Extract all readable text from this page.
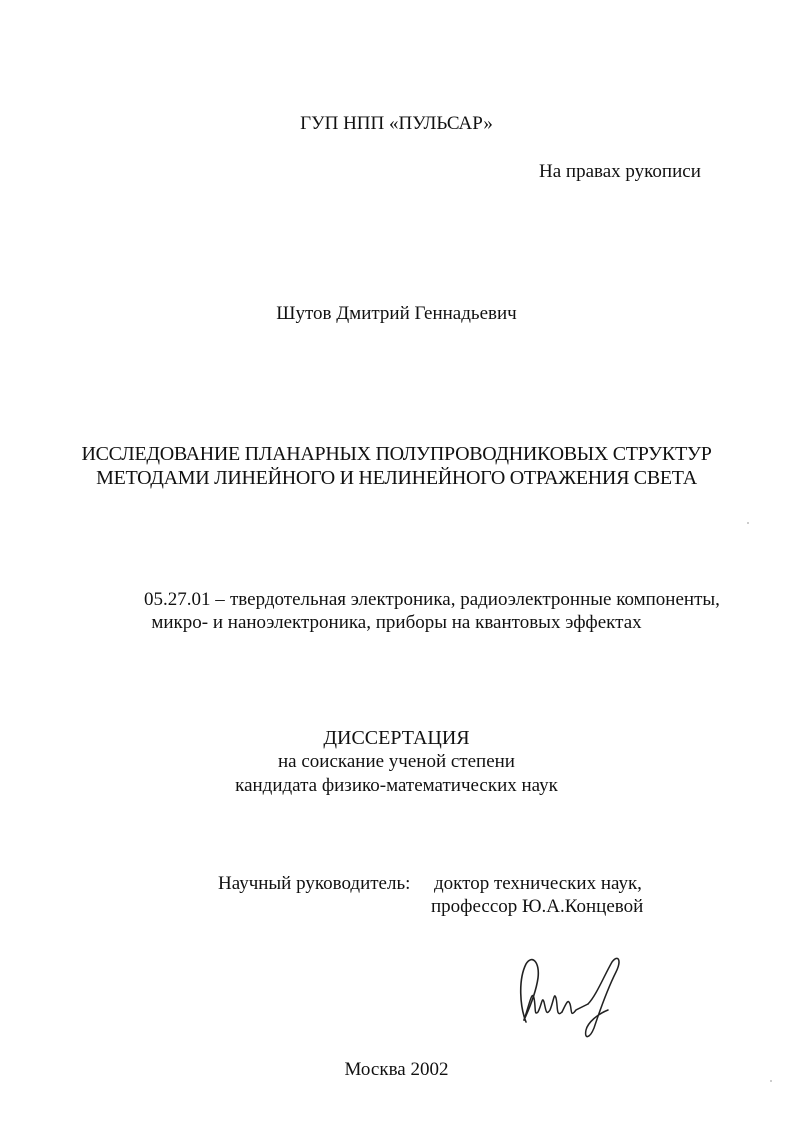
ГУП НПП «ПУЛЬСАР»
На правах рукописи
Шутов Дмитрий Геннадьевич
ИССЛЕДОВАНИЕ ПЛАНАРНЫХ ПОЛУПРОВОДНИКОВЫХ СТРУКТУР
МЕТОДАМИ ЛИНЕЙНОГО И НЕЛИНЕЙНОГО ОТРАЖЕНИЯ СВЕТА
05.27.01 – твердотельная электроника, радиоэлектронные компоненты,
микро- и наноэлектроника, приборы на квантовых эффектах
ДИССЕРТАЦИЯ
на соискание ученой степени
кандидата физико-математических наук
Научный руководитель: доктор технических наук,
профессор Ю.А.Концевой
Москва 2002
